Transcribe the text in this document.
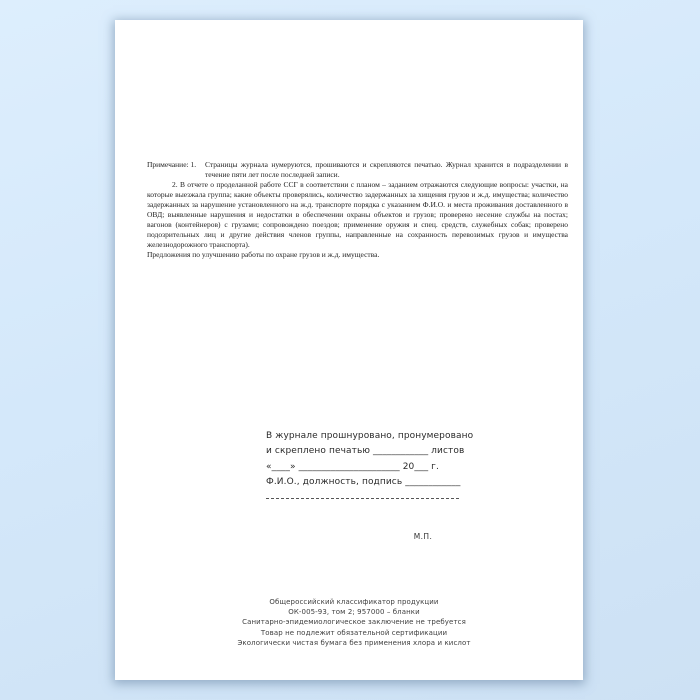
Примечание: 1. Страницы журнала нумеруются, прошиваются и скрепляются печатью. Журнал хранится в подразделении в течение пяти лет после последней записи.

2. В отчете о проделанной работе ССГ в соответствии с планом – заданием отражаются следующие вопросы: участки, на которые выезжала группа; какие объекты проверялись, количество задержанных за хищения грузов и ж.д. имущества; количество задержанных за нарушение установленного на ж.д. транспорте порядка с указанием Ф.И.О. и места проживания доставленного в ОВД; выявленные нарушения и недостатки в обеспечении охраны объектов и грузов; проверено несение службы на постах; вагонов (контейнеров) с грузами; сопровождено поездов; применение оружия и спец. средств, служебных собак; проверено подозрительных лиц и другие действия членов группы, направленные на сохранность перевозимых грузов и имущества железнодорожного транспорта).

Предложения по улучшению работы по охране грузов и ж.д. имущества.

В журнале прошнуровано, пронумеровано
и скреплено печатью ____________ листов
«____» ______________________ 20___ г.
Ф.И.О., должность, подпись ____________
М.П.
Общероссийский классификатор продукции
ОК-005-93, том 2; 957000 – бланки
Санитарно-эпидемиологическое заключение не требуется
Товар не подлежит обязательной сертификации
Экологически чистая бумага без применения хлора и кислот
